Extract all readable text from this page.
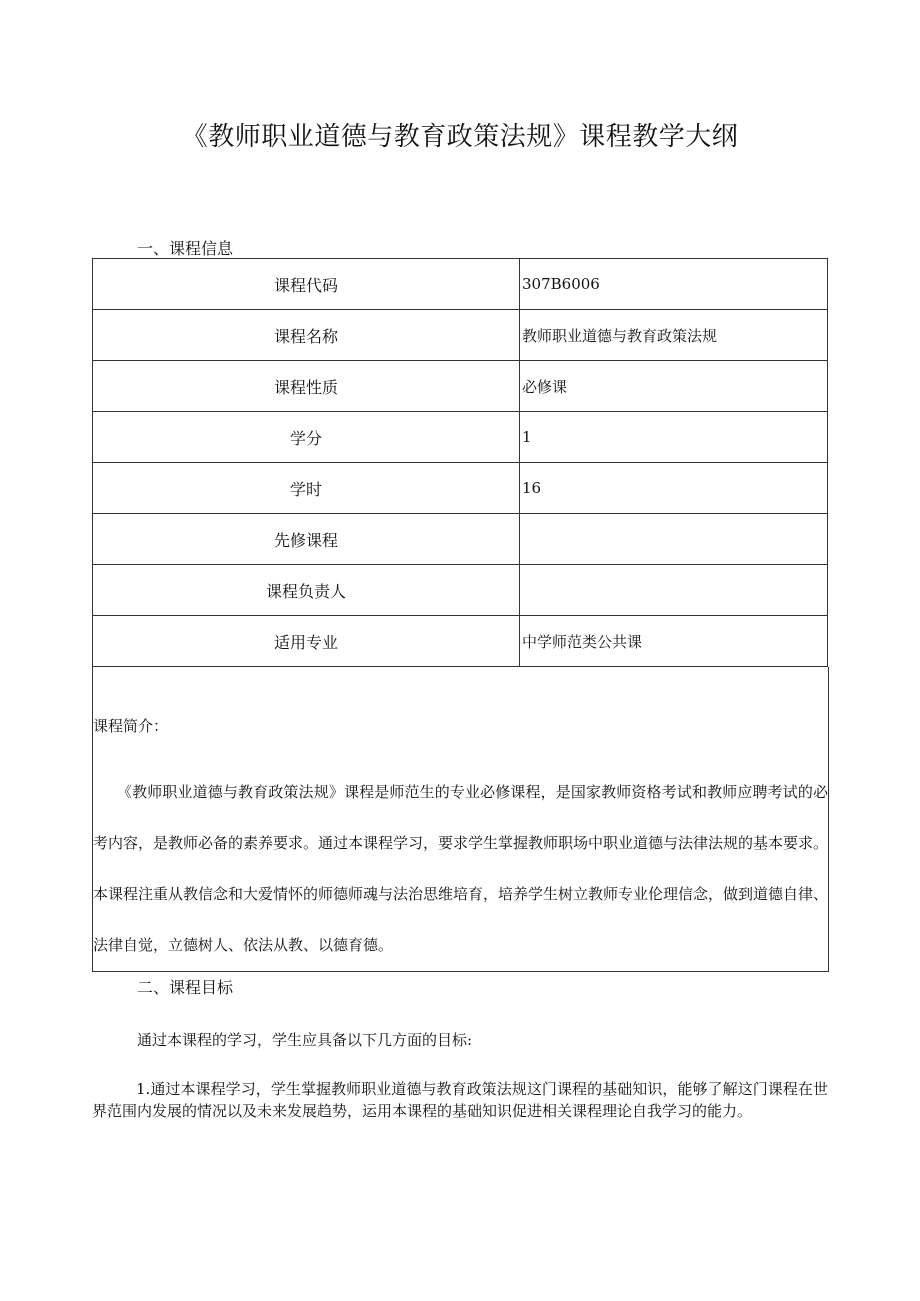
《教师职业道德与教育政策法规》课程教学大纲
一、课程信息
课程代码	307B6006
课程名称	教师职业道德与教育政策法规
课程性质	必修课
学分	1
学时	16
先修课程	
课程负责人	
适用专业	中学师范类公共课
课程简介：
《教师职业道德与教育政策法规》课程是师范生的专业必修课程，是国家教师资格考试和教师应聘考试的必考内容，是教师必备的素养要求。通过本课程学习，要求学生掌握教师职场中职业道德与法律法规的基本要求。本课程注重从教信念和大爱情怀的师德师魂与法治思维培育，培养学生树立教师专业伦理信念，做到道德自律、法律自觉，立德树人、依法从教、以德育德。
二、课程目标
通过本课程的学习，学生应具备以下几方面的目标:
1.通过本课程学习，学生掌握教师职业道德与教育政策法规这门课程的基础知识，能够了解这门课程在世界范围内发展的情况以及未来发展趋势，运用本课程的基础知识促进相关课程理论自我学习的能力。
